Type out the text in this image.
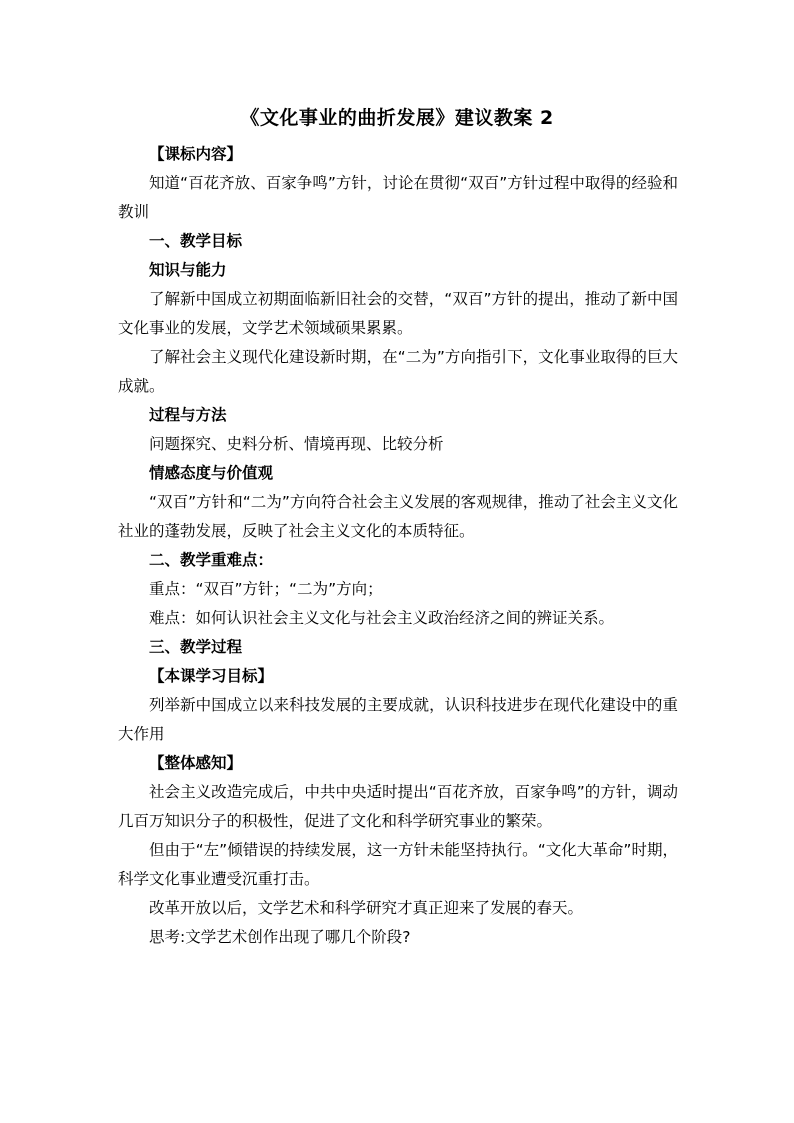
《文化事业的曲折发展》建议教案 2

【课标内容】

知道“百花齐放、百家争鸣”方针，讨论在贯彻“双百”方针过程中取得的经验和教训

一、教学目标

知识与能力

了解新中国成立初期面临新旧社会的交替，“双百”方针的提出，推动了新中国文化事业的发展，文学艺术领域硕果累累。

了解社会主义现代化建设新时期，在“二为”方向指引下，文化事业取得的巨大成就。

过程与方法

问题探究、史料分析、情境再现、比较分析

情感态度与价值观

“双百”方针和“二为”方向符合社会主义发展的客观规律，推动了社会主义文化社业的蓬勃发展，反映了社会主义文化的本质特征。

二、教学重难点：

重点：“双百”方针；“二为”方向；

难点：如何认识社会主义文化与社会主义政治经济之间的辨证关系。

三、教学过程

【本课学习目标】

列举新中国成立以来科技发展的主要成就，认识科技进步在现代化建设中的重大作用

【整体感知】

社会主义改造完成后，中共中央适时提出“百花齐放，百家争鸣”的方针，调动几百万知识分子的积极性，促进了文化和科学研究事业的繁荣。

但由于“左”倾错误的持续发展，这一方针未能坚持执行。“文化大革命”时期，科学文化事业遭受沉重打击。

改革开放以后，文学艺术和科学研究才真正迎来了发展的春天。

思考:文学艺术创作出现了哪几个阶段?
